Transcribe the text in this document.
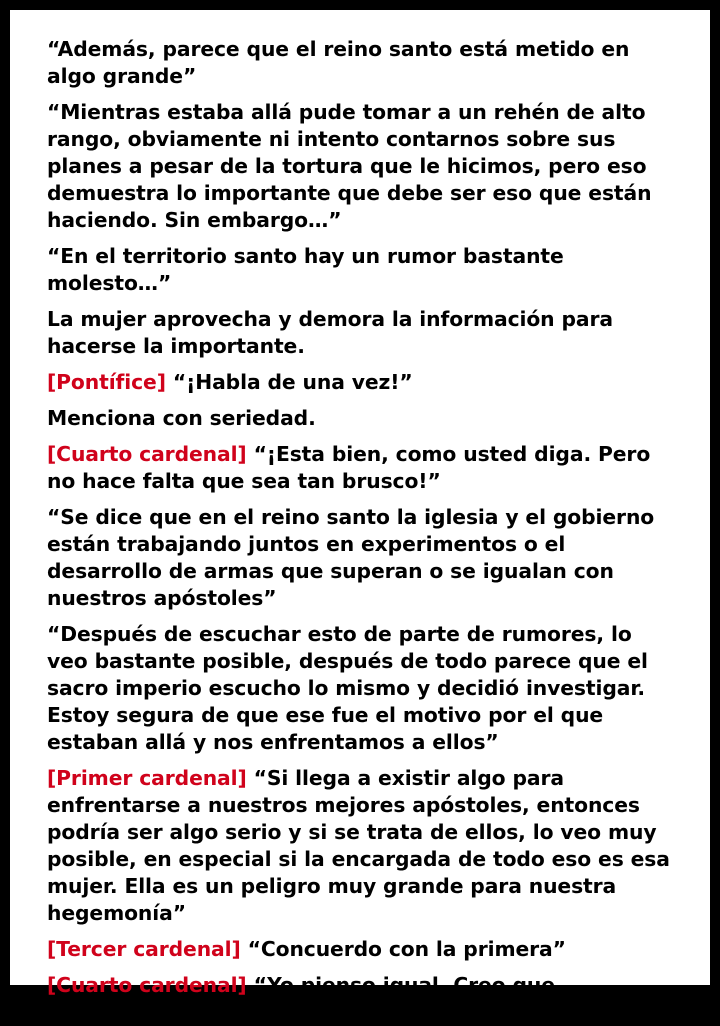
“Además, parece que el reino santo está metido en algo grande”

“Mientras estaba allá pude tomar a un rehén de alto rango, obviamente ni intento contarnos sobre sus planes a pesar de la tortura que le hicimos, pero eso demuestra lo importante que debe ser eso que están haciendo. Sin embargo…”

“En el territorio santo hay un rumor bastante molesto…”

La mujer aprovecha y demora la información para hacerse la importante.

[Pontífice] “¡Habla de una vez!”

Menciona con seriedad.

[Cuarto cardenal] “¡Esta bien, como usted diga. Pero no hace falta que sea tan brusco!”

“Se dice que en el reino santo la iglesia y el gobierno están trabajando juntos en experimentos o el desarrollo de armas que superan o se igualan con nuestros apóstoles”

“Después de escuchar esto de parte de rumores, lo veo bastante posible, después de todo parece que el sacro imperio escucho lo mismo y decidió investigar. Estoy segura de que ese fue el motivo por el que estaban allá y nos enfrentamos a ellos”

[Primer cardenal] “Si llega a existir algo para enfrentarse a nuestros mejores apóstoles, entonces podría ser algo serio y si se trata de ellos, lo veo muy posible, en especial si la encargada de todo eso es esa mujer. Ella es un peligro muy grande para nuestra hegemonía”

[Tercer cardenal] “Concuerdo con la primera”

[Cuarto cardenal] “Yo pienso igual. Creo que deberíamos investigar más sobre esto.
